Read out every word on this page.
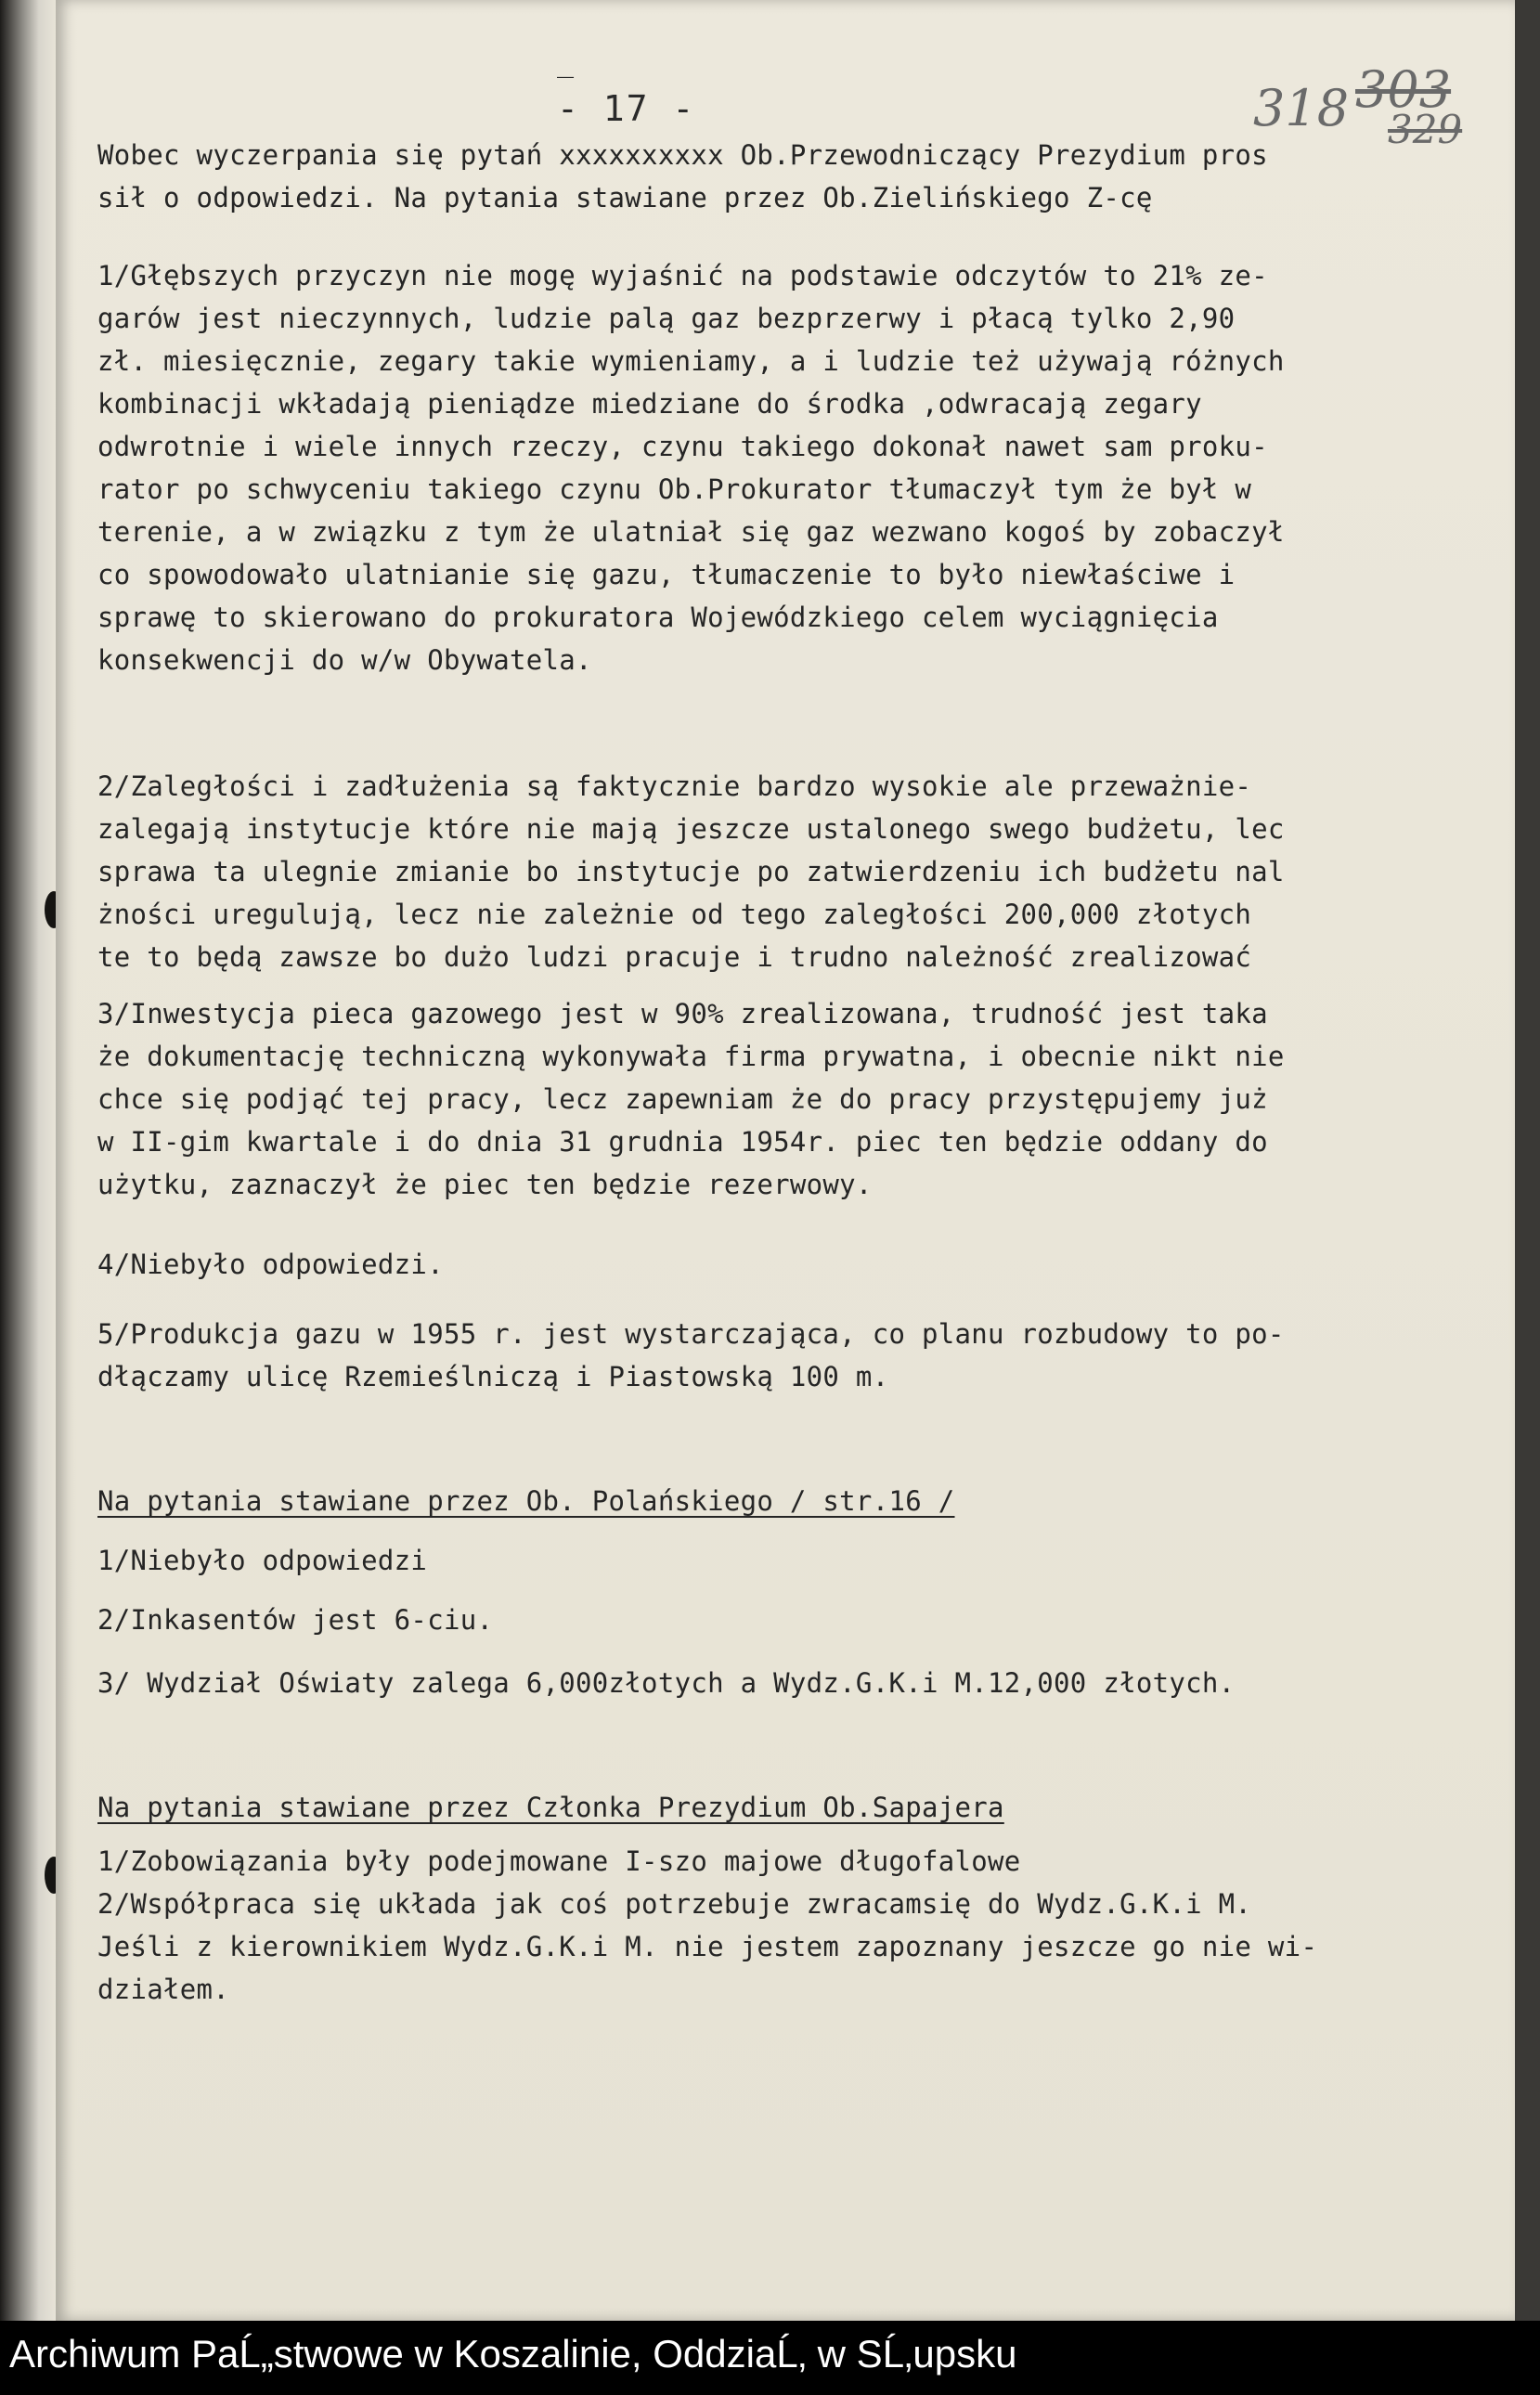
_
- 17 -	318 303
329
Wobec wyczerpania się pytań xxxxxxxxxx Ob.Przewodniczący Prezydium pros
sił o odpowiedzi. Na pytania stawiane przez Ob.Zielińskiego Z-cę
1/Głębszych przyczyn nie mogę wyjaśnić na podstawie odczytów to 21% ze-
garów jest nieczynnych, ludzie palą gaz bezprzerwy i płacą tylko 2,90
zł. miesięcznie, zegary takie wymieniamy, a i ludzie też używają różnych
kombinacji wkładają pieniądze miedziane do środka ,odwracają zegary
odwrotnie i wiele innych rzeczy, czynu takiego dokonał nawet sam proku-
rator po schwyceniu takiego czynu Ob.Prokurator tłumaczył tym że był w
terenie, a w związku z tym że ulatniał się gaz wezwano kogoś by zobaczył
co spowodowało ulatnianie się gazu, tłumaczenie to było niewłaściwe i
sprawę to skierowano do prokuratora Wojewódzkiego celem wyciągnięcia
konsekwencji do w/w Obywatela.
2/Zaległości i zadłużenia są faktycznie bardzo wysokie ale przeważnie-
zalegają instytucje które nie mają jeszcze ustalonego swego budżetu, lec
sprawa ta ulegnie zmianie bo instytucje po zatwierdzeniu ich budżetu nal
żności uregulują, lecz nie zależnie od tego zaległości 200,000 złotych
te to będą zawsze bo dużo ludzi pracuje i trudno należność zrealizować
3/Inwestycja pieca gazowego jest w 90% zrealizowana, trudność jest taka
że dokumentację techniczną wykonywała firma prywatna, i obecnie nikt nie
chce się podjąć tej pracy, lecz zapewniam że do pracy przystępujemy już
w II-gim kwartale i do dnia 31 grudnia 1954r. piec ten będzie oddany do
użytku, zaznaczył że piec ten będzie rezerwowy.
4/Niebyło odpowiedzi.
5/Produkcja gazu w 1955 r. jest wystarczająca, co planu rozbudowy to po-
dłączamy ulicę Rzemieślniczą i Piastowską 100 m.
Na pytania stawiane przez Ob. Polańskiego / str.16 /
1/Niebyło odpowiedzi
2/Inkasentów jest 6-ciu.
3/ Wydział Oświaty zalega 6,000złotych a Wydz.G.K.i M.12,000 złotych.
Na pytania stawiane przez Członka Prezydium Ob.Sapajera
1/Zobowiązania były podejmowane I-szo majowe długofalowe
2/Współpraca się układa jak coś potrzebuje zwracamsię do Wydz.G.K.i M.
Jeśli z kierownikiem Wydz.G.K.i M. nie jestem zapoznany jeszcze go nie wi-
działem.
Archiwum PaĹ„stwowe w Koszalinie, OddziaĹ‚ w SĹ‚upsku
